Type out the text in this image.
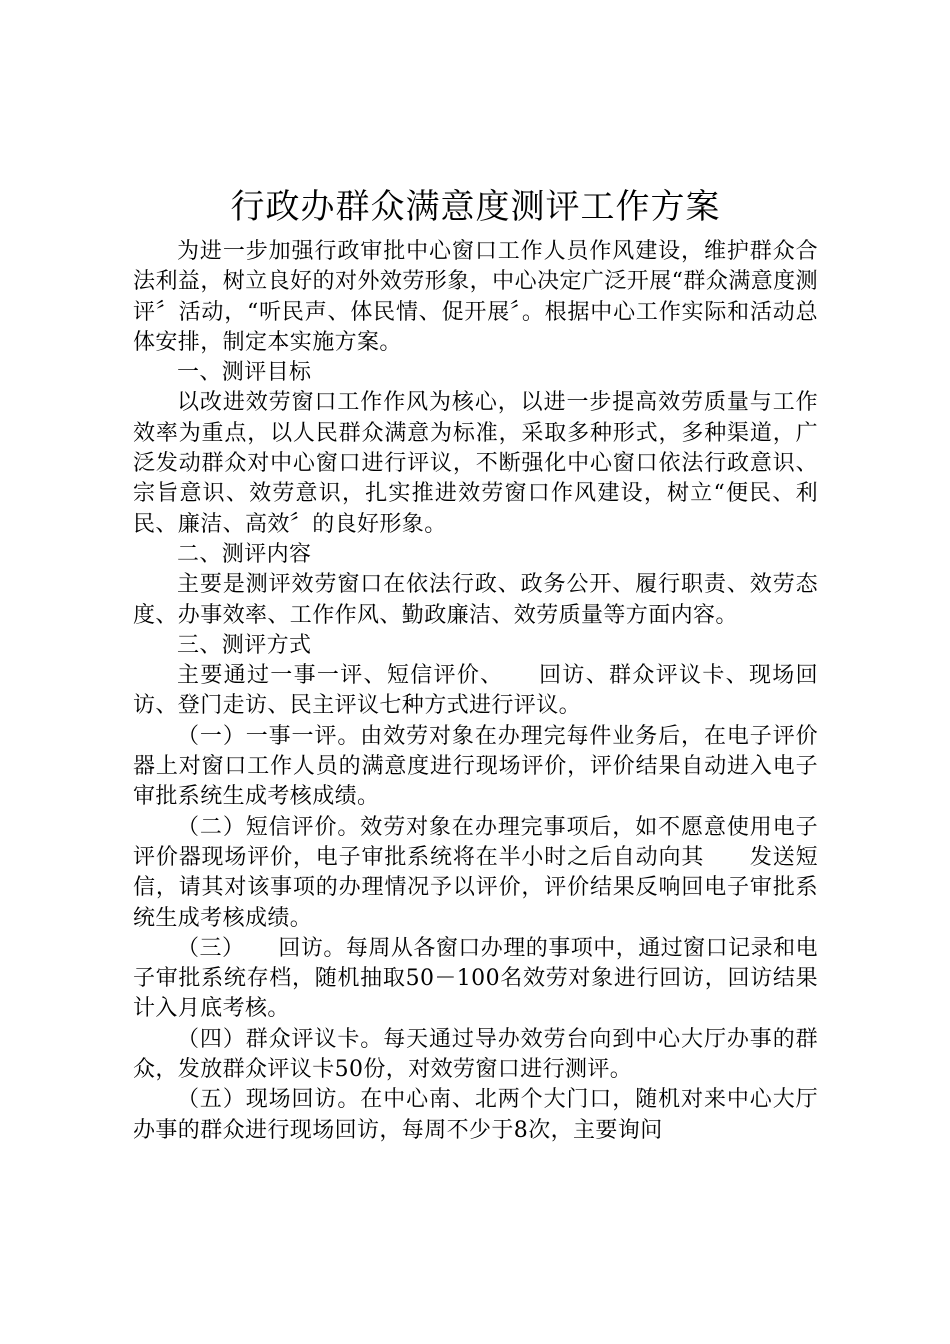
行政办群众满意度测评工作方案

为进一步加强行政审批中心窗口工作人员作风建设，维护群众合法利益，树立良好的对外效劳形象，中心决定广泛开展“群众满意度测评〞活动，“听民声、体民情、促开展〞。根据中心工作实际和活动总体安排，制定本实施方案。

一、测评目标

以改进效劳窗口工作作风为核心，以进一步提高效劳质量与工作效率为重点，以人民群众满意为标准，采取多种形式，多种渠道，广泛发动群众对中心窗口进行评议，不断强化中心窗口依法行政意识、宗旨意识、效劳意识，扎实推进效劳窗口作风建设，树立“便民、利民、廉洁、高效〞的良好形象。

二、测评内容

主要是测评效劳窗口在依法行政、政务公开、履行职责、效劳态度、办事效率、工作作风、勤政廉洁、效劳质量等方面内容。

三、测评方式

主要通过一事一评、短信评价、　　回访、群众评议卡、现场回访、登门走访、民主评议七种方式进行评议。

（一）一事一评。由效劳对象在办理完每件业务后，在电子评价器上对窗口工作人员的满意度进行现场评价，评价结果自动进入电子审批系统生成考核成绩。

（二）短信评价。效劳对象在办理完事项后，如不愿意使用电子评价器现场评价，电子审批系统将在半小时之后自动向其　　发送短信，请其对该事项的办理情况予以评价，评价结果反响回电子审批系统生成考核成绩。

（三）　　回访。每周从各窗口办理的事项中，通过窗口记录和电子审批系统存档，随机抽取50－100名效劳对象进行回访，回访结果计入月底考核。

（四）群众评议卡。每天通过导办效劳台向到中心大厅办事的群众，发放群众评议卡50份，对效劳窗口进行测评。

（五）现场回访。在中心南、北两个大门口，随机对来中心大厅办事的群众进行现场回访，每周不少于8次，主要询问
